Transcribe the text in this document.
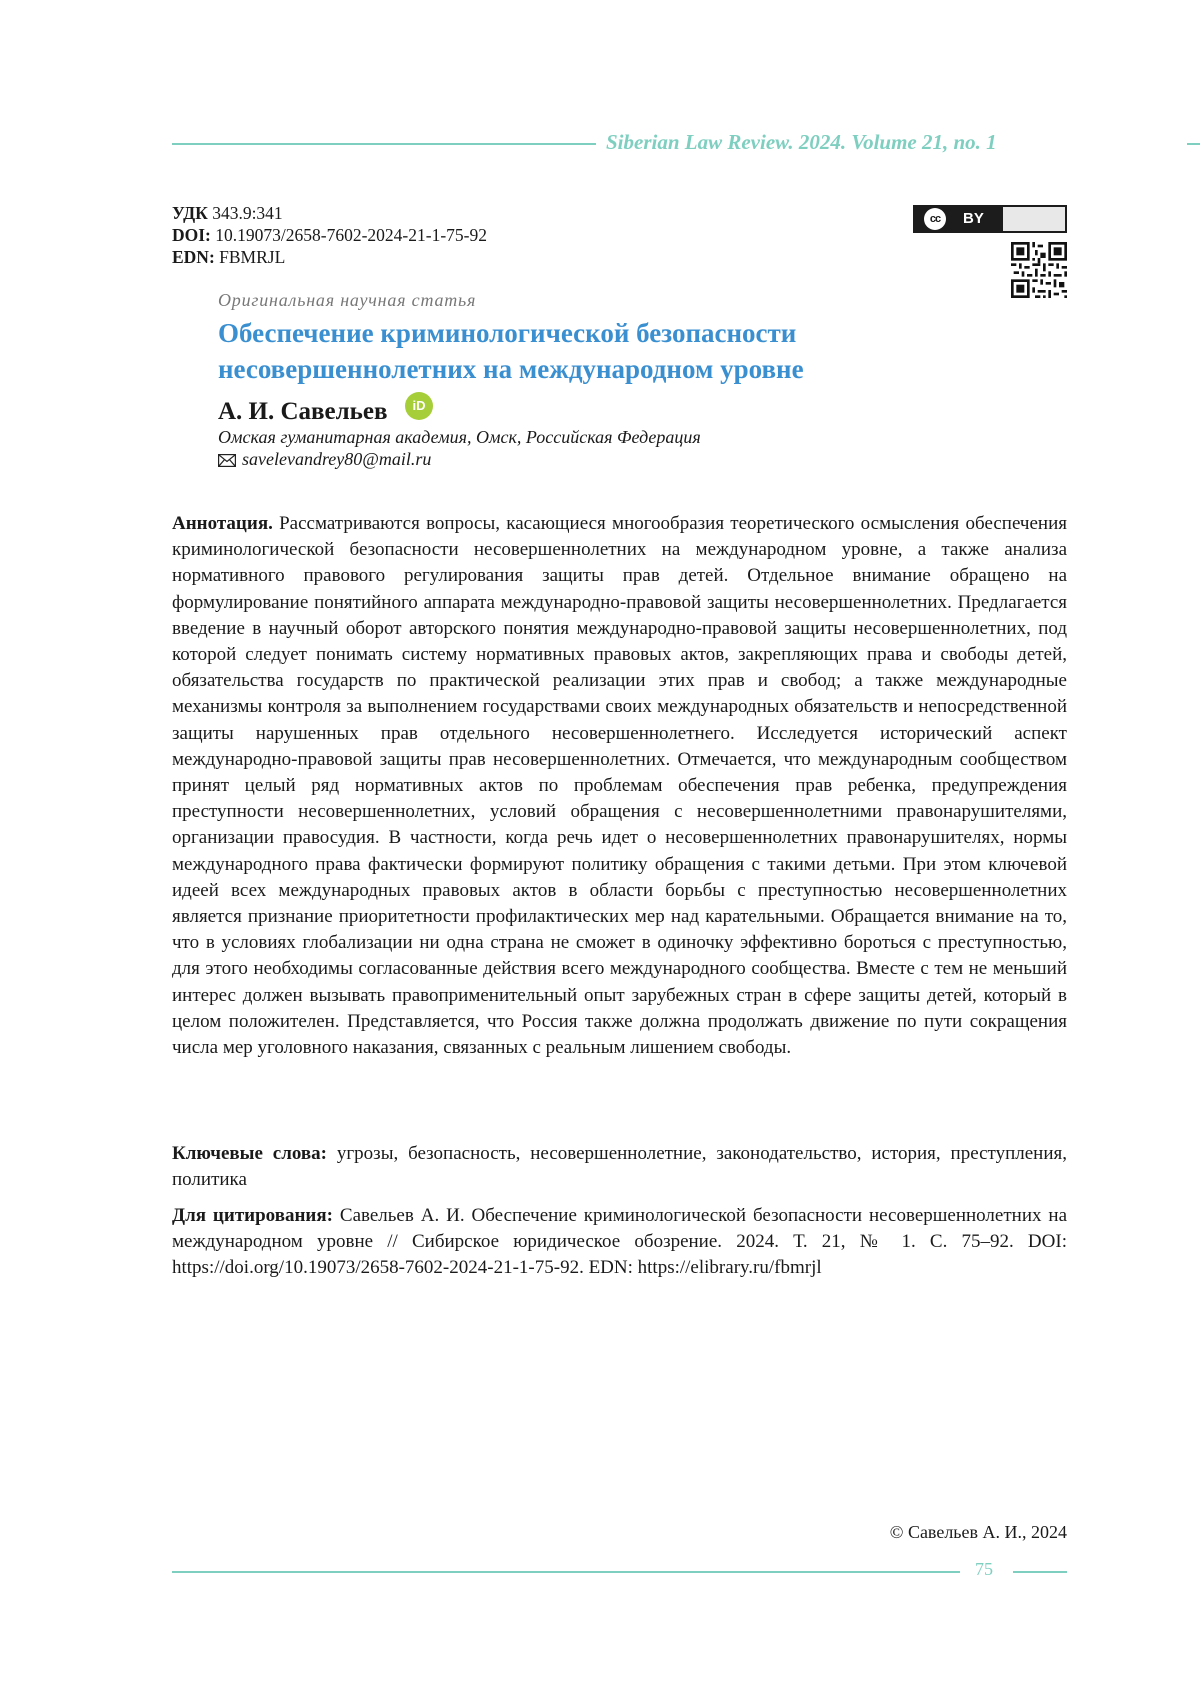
Siberian Law Review. 2024. Volume 21, no. 1
УДК 343.9:341
DOI: 10.19073/2658-7602-2024-21-1-75-92
EDN: FBMRJL
cc	BY
Оригинальная научная статья
Обеспечение криминологической безопасности
несовершеннолетних на международном уровне
А. И. Савельев	iD
Омская гуманитарная академия, Омск, Российская Федерация
savelevandrey80@mail.ru
Аннотация. Рассматриваются вопросы, касающиеся многообразия теоретического осмысления обеспечения криминологической безопасности несовершеннолетних на международном уровне, а также анализа нормативного правового регулирования защиты прав детей. Отдельное внимание обращено на формулирование понятийного аппарата международно-правовой защиты несовершеннолетних. Предлагается введение в научный оборот авторского понятия международно-правовой защиты несовершеннолетних, под которой следует понимать систему нормативных правовых актов, закрепляющих права и свободы детей, обязательства государств по практической реализации этих прав и свобод; а также международные механизмы контроля за выполнением государствами своих международных обязательств и непосредственной защиты нарушенных прав отдельного несовершеннолетнего. Исследуется исторический аспект международно-правовой защиты прав несовершеннолетних. Отмечается, что международным сообществом принят целый ряд нормативных актов по проблемам обеспечения прав ребенка, предупреждения преступности несовершеннолетних, условий обращения с несовершеннолетними правонарушителями, организации правосудия. В частности, когда речь идет о несовершеннолетних правонарушителях, нормы международного права фактически формируют политику обращения с такими детьми. При этом ключевой идеей всех международных правовых актов в области борьбы с преступностью несовершеннолетних является признание приоритетности профилактических мер над карательными. Обращается внимание на то, что в условиях глобализации ни одна страна не сможет в одиночку эффективно бороться с преступностью, для этого необходимы согласованные действия всего международного сообщества. Вместе с тем не меньший интерес должен вызывать правоприменительный опыт зарубежных стран в сфере защиты детей, который в целом положителен. Представляется, что Россия также должна продолжать движение по пути сокращения числа мер уголовного наказания, связанных с реальным лишением свободы.
Ключевые слова: угрозы, безопасность, несовершеннолетние, законодательство, история, преступления, политика
Для цитирования: Савельев А. И. Обеспечение криминологической безопасности несовершеннолетних на международном уровне // Сибирское юридическое обозрение. 2024. Т. 21, № 1. С. 75–92. DOI: https://doi.org/10.19073/2658-7602-2024-21-1-75-92. EDN: https://elibrary.ru/fbmrjl
© Савельев А. И., 2024
75
